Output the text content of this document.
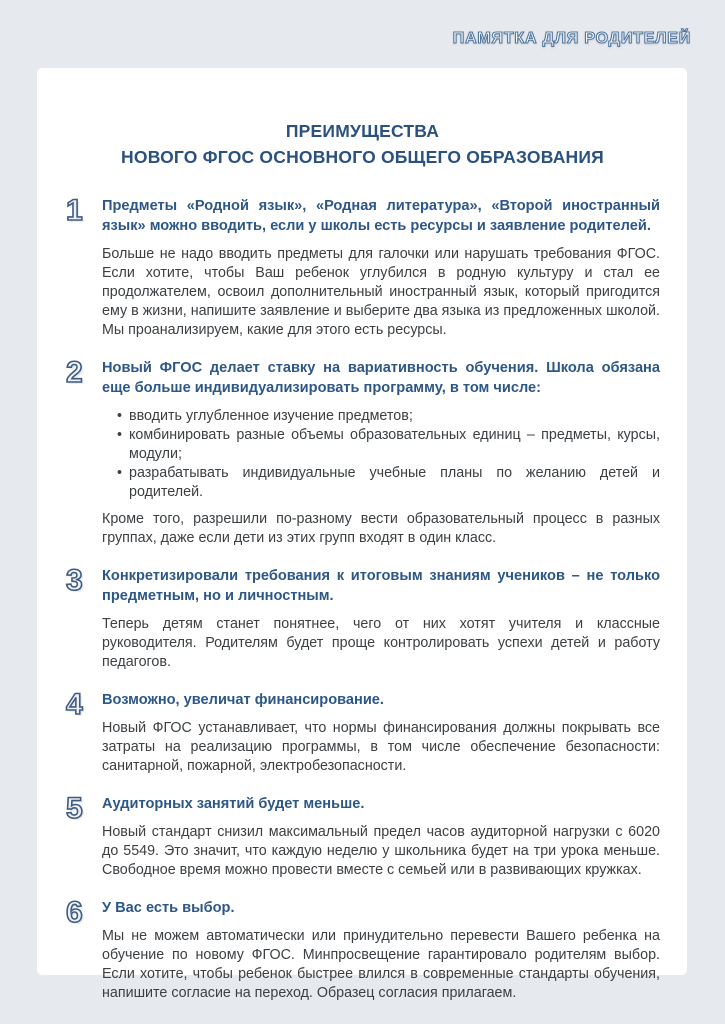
ПАМЯТКА ДЛЯ РОДИТЕЛЕЙ
ПРЕИМУЩЕСТВА
НОВОГО ФГОС ОСНОВНОГО ОБЩЕГО ОБРАЗОВАНИЯ
1	Предметы «Родной язык», «Родная литература», «Второй иностранный язык» можно вводить, если у школы есть ресурсы и заявление родителей.

Больше не надо вводить предметы для галочки или нарушать требования ФГОС. Если хотите, чтобы Ваш ребенок углубился в родную культуру и стал ее продолжателем, освоил дополнительный иностранный язык, который пригодится ему в жизни, напишите заявление и выберите два языка из предложенных школой. Мы проанализируем, какие для этого есть ресурсы.

2	Новый ФГОС делает ставку на вариативность обучения. Школа обязана еще больше индивидуализировать программу, в том числе:
• вводить углубленное изучение предметов;
• комбинировать разные объемы образовательных единиц – предметы, курсы, модули;
• разрабатывать индивидуальные учебные планы по желанию детей и родителей.

Кроме того, разрешили по-разному вести образовательный процесс в разных группах, даже если дети из этих групп входят в один класс.

3	Конкретизировали требования к итоговым знаниям учеников – не только предметным, но и личностным.

Теперь детям станет понятнее, чего от них хотят учителя и классные руководителя. Родителям будет проще контролировать успехи детей и работу педагогов.

4	Возможно, увеличат финансирование.

Новый ФГОС устанавливает, что нормы финансирования должны покрывать все затраты на реализацию программы, в том числе обеспечение безопасности: санитарной, пожарной, электробезопасности.

5	Аудиторных занятий будет меньше.

Новый стандарт снизил максимальный предел часов аудиторной нагрузки с 6020 до 5549. Это значит, что каждую неделю у школьника будет на три урока меньше. Свободное время можно провести вместе с семьей или в развивающих кружках.

6	У Вас есть выбор.

Мы не можем автоматически или принудительно перевести Вашего ребенка на обучение по новому ФГОС. Минпросвещение гарантировало родителям выбор. Если хотите, чтобы ребенок быстрее влился в современные стандарты обучения, напишите согласие на переход. Образец согласия прилагаем.
